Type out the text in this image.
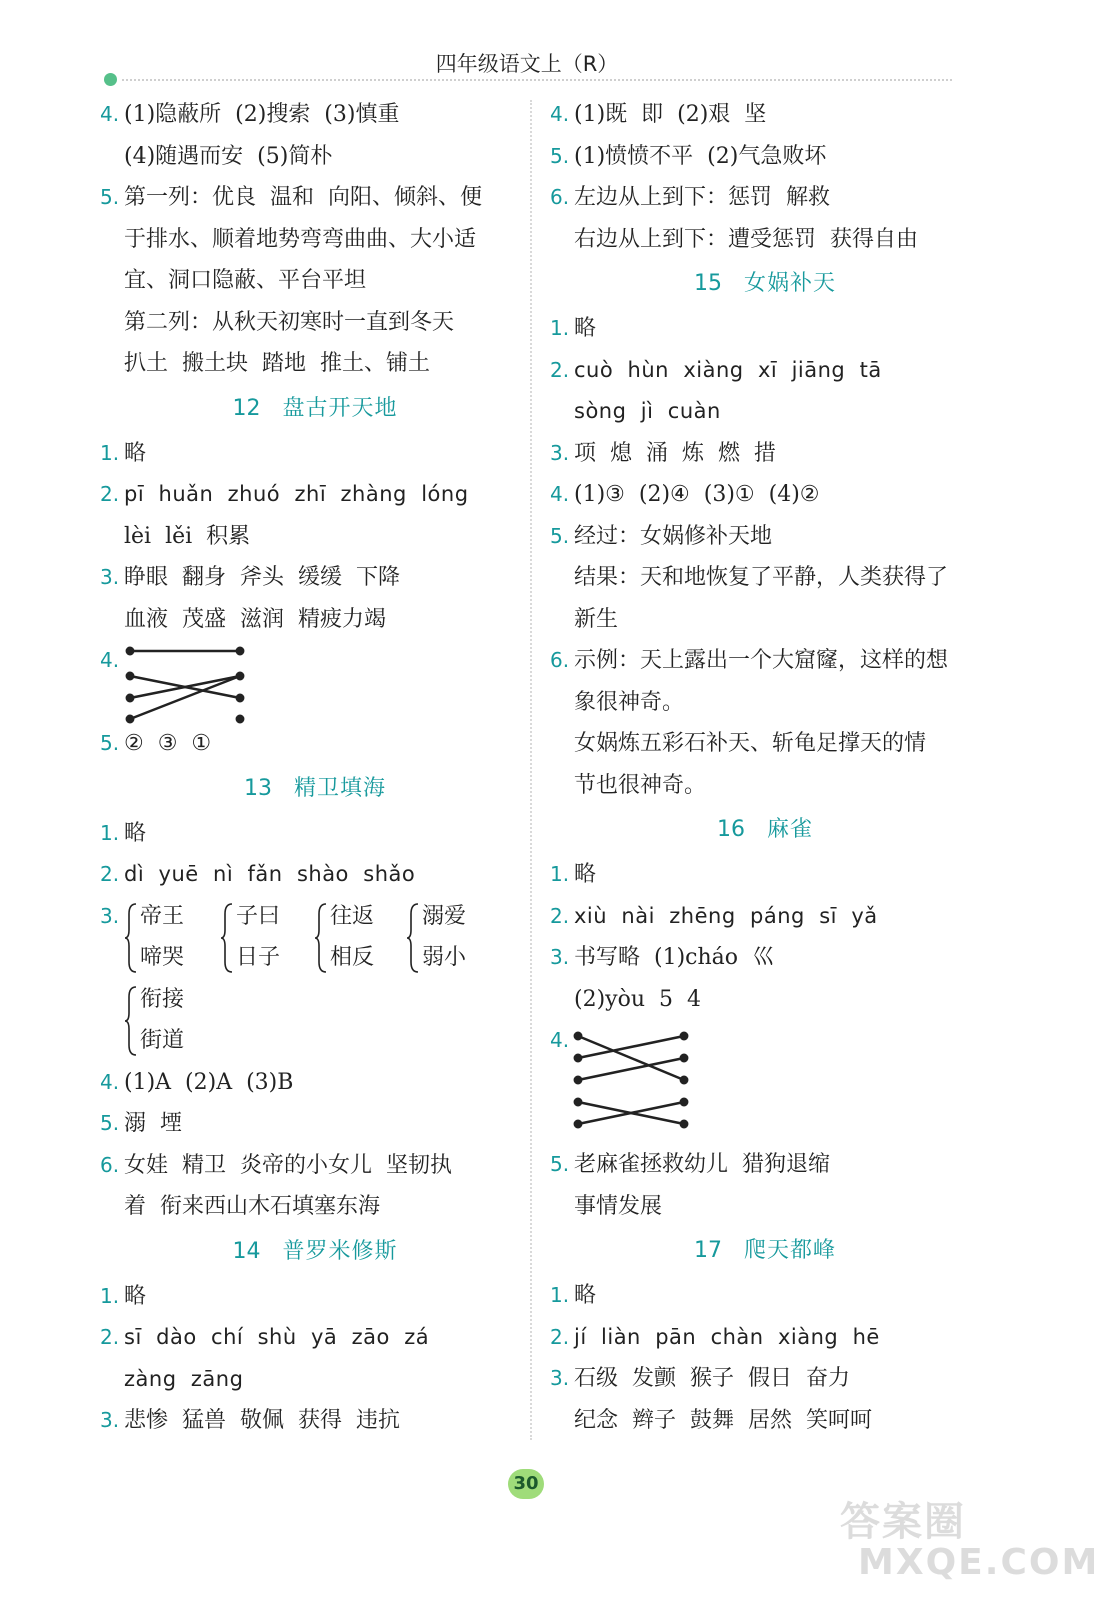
四年级语文上（R）
4. (1)隐蔽所  (2)搜索  (3)慎重
(4)随遇而安  (5)简朴
5. 第一列：优良  温和  向阳、倾斜、便
于排水、顺着地势弯弯曲曲、大小适
宜、洞口隐蔽、平台平坦
第二列：从秋天初寒时一直到冬天
扒土  搬土块  踏地  推土、铺土
12 盘古开天地
1. 略
2. pī  huǎn  zhuó  zhī  zhàng  lóng
lèi  lěi  积累
3. 睁眼  翻身  斧头  缓缓  下降
血液  茂盛  滋润  精疲力竭
4.
5. ②  ③  ①
13 精卫填海
1. 略
2. dì  yuē  nì  fǎn  shào  shǎo
3. 帝王
啼哭
子曰
日子
往返
相反
溺爱
弱小
衔接
街道
4. (1)A  (2)A  (3)B
5. 溺  堙
6. 女娃  精卫  炎帝的小女儿  坚韧执
着  衔来西山木石填塞东海
14 普罗米修斯
1. 略
2. sī  dào  chí  shù  yā  zāo  zá
zàng  zāng
3. 悲惨  猛兽  敬佩  获得  违抗
4. (1)既  即  (2)艰  坚
5. (1)愤愤不平  (2)气急败坏
6. 左边从上到下：惩罚  解救
右边从上到下：遭受惩罚  获得自由
15 女娲补天
1. 略
2. cuò  hùn  xiàng  xī  jiāng  tā
sòng  jì  cuàn
3. 项  熄  涌  炼  燃  措
4. (1)③  (2)④  (3)①  (4)②
5. 经过：女娲修补天地
结果：天和地恢复了平静，人类获得了
新生
6. 示例：天上露出一个大窟窿，这样的想
象很神奇。
女娲炼五彩石补天、斩龟足撑天的情
节也很神奇。
16 麻雀
1. 略
2. xiù  nài  zhēng  páng  sī  yǎ
3. 书写略  (1)cháo  巛
(2)yòu  5  4
4.
5. 老麻雀拯救幼儿  猎狗退缩
事情发展
17 爬天都峰
1. 略
2. jí  liàn  pān  chàn  xiàng  hē
3. 石级  发颤  猴子  假日  奋力
纪念  辫子  鼓舞  居然  笑呵呵
30
答案圈
MXQE.COM
